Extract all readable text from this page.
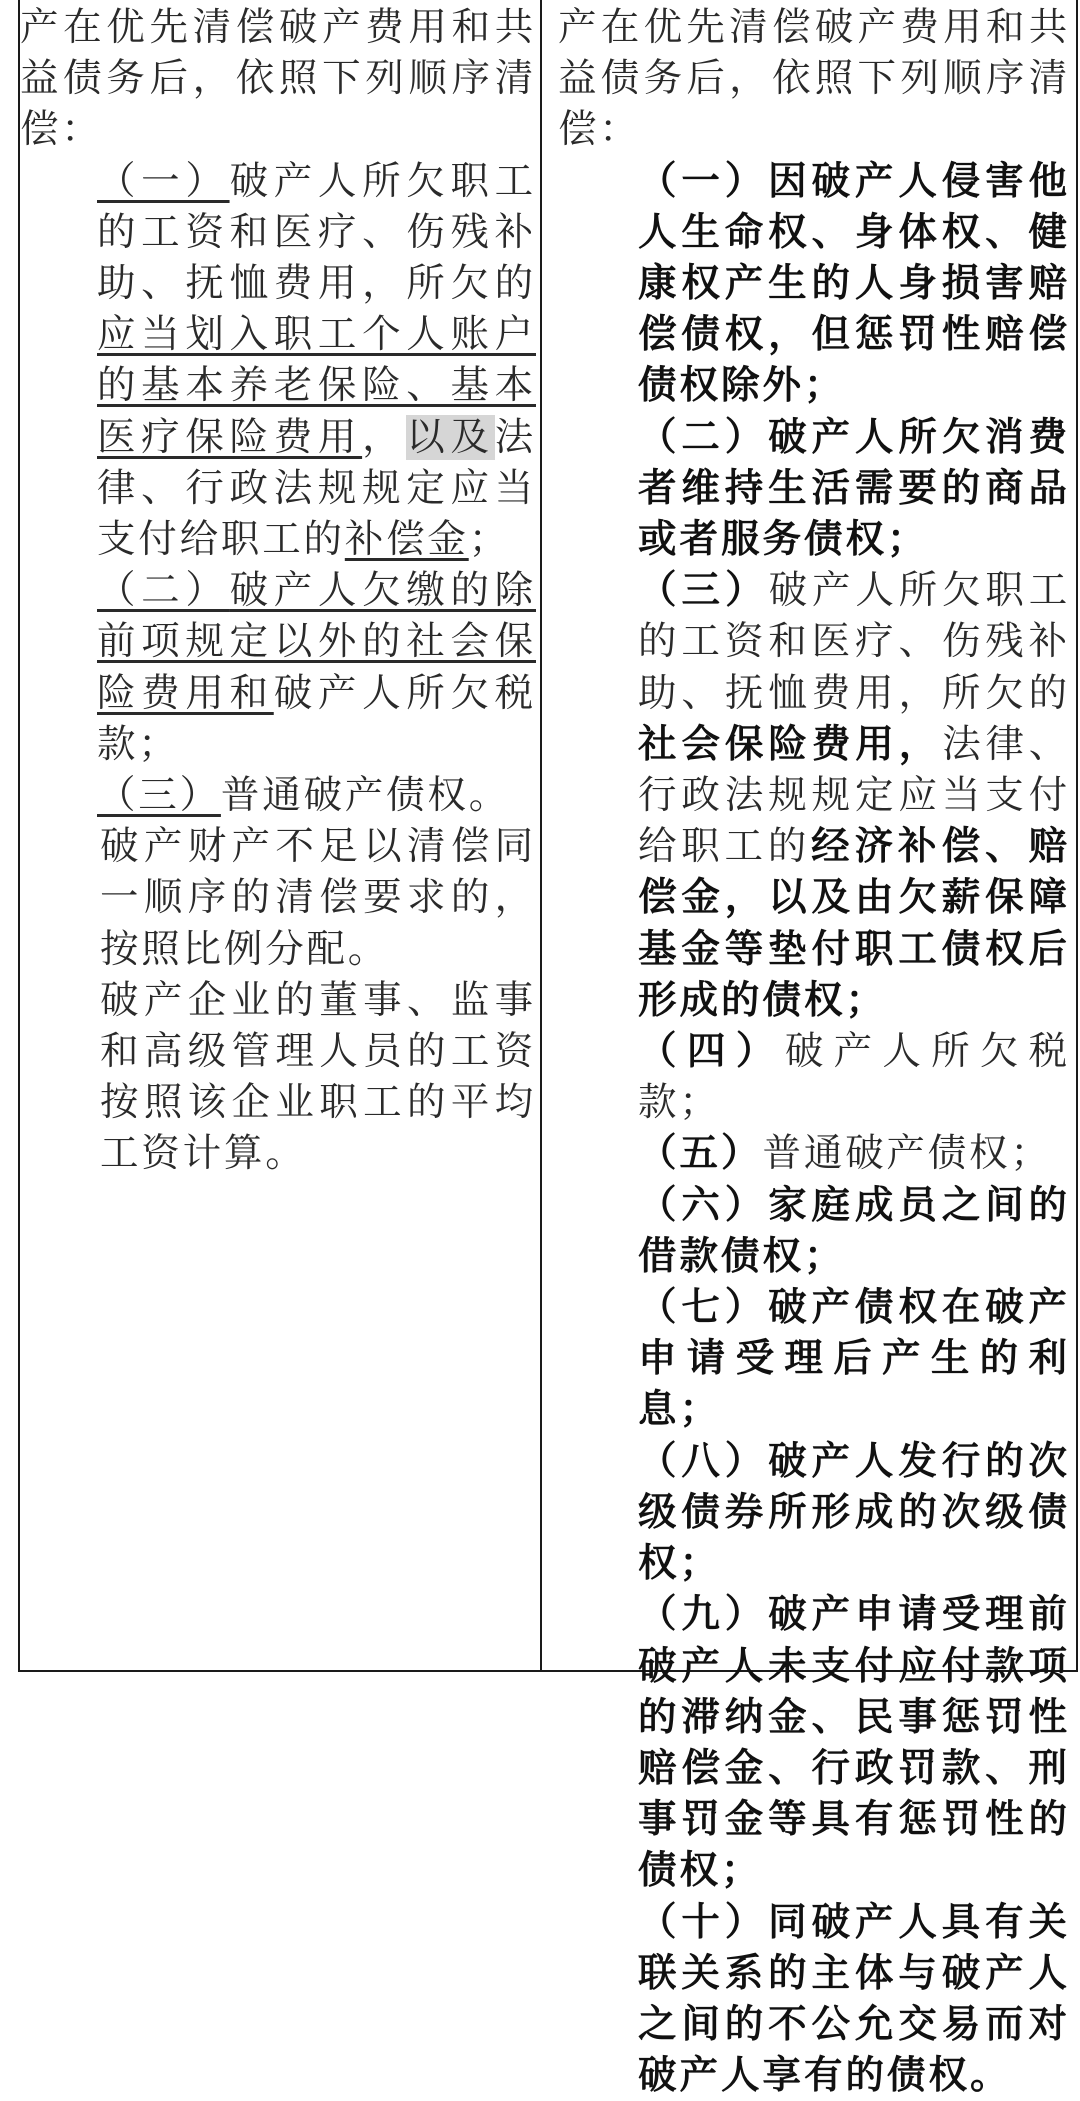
产在优先清偿破产费用和共益债务后，依照下列顺序清偿：

（一）破产人所欠职工的工资和医疗、伤残补助、抚恤费用，所欠的应当划入职工个人账户的基本养老保险、基本医疗保险费用，以及法律、行政法规规定应当支付给职工的补偿金；

（二）破产人欠缴的除前项规定以外的社会保险费用和破产人所欠税款；

（三）普通破产债权。

破产财产不足以清偿同一顺序的清偿要求的，按照比例分配。

破产企业的董事、监事和高级管理人员的工资按照该企业职工的平均工资计算。

产在优先清偿破产费用和共益债务后，依照下列顺序清偿：

（一）因破产人侵害他人生命权、身体权、健康权产生的人身损害赔偿债权，但惩罚性赔偿债权除外；

（二）破产人所欠消费者维持生活需要的商品或者服务债权；

（三）破产人所欠职工的工资和医疗、伤残补助、抚恤费用，所欠的社会保险费用，法律、行政法规规定应当支付给职工的经济补偿、赔偿金，以及由欠薪保障基金等垫付职工债权后形成的债权；

（四）破产人所欠税款；

（五）普通破产债权；

（六）家庭成员之间的借款债权；

（七）破产债权在破产申请受理后产生的利息；

（八）破产人发行的次级债券所形成的次级债权；

（九）破产申请受理前破产人未支付应付款项的滞纳金、民事惩罚性赔偿金、行政罚款、刑事罚金等具有惩罚性的债权；

（十）同破产人具有关联关系的主体与破产人之间的不公允交易而对破产人享有的债权。
